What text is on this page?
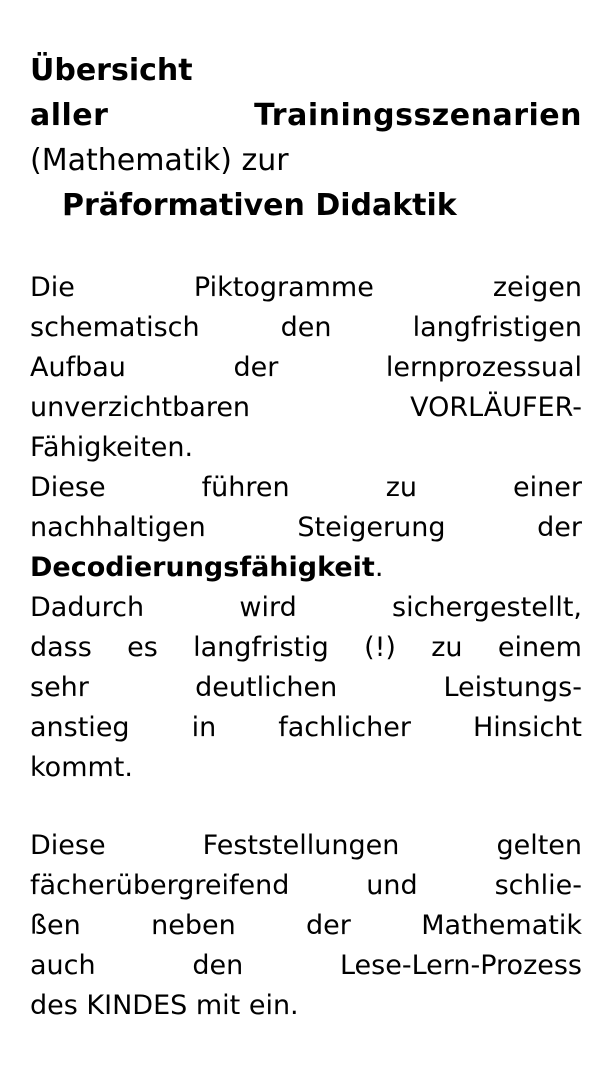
Übersicht
aller	Trainingsszenarien
(Mathematik) zur
Präformativen Didaktik
Die	Piktogramme	zeigen
schematisch	den	langfristigen
Aufbau	der	lernprozessual
unverzichtbaren	VORLÄUFER-
Fähigkeiten.
Diese	führen	zu	einer
nachhaltigen	Steigerung	der
Decodierungsfähigkeit.
Dadurch	wird	sichergestellt,
dass es langfristig (!) zu einem
sehr	deutlichen	Leistungs-
anstieg in fachlicher Hinsicht
kommt.
Diese	Feststellungen	gelten
fächerübergreifend	und	schlie-
ßen	neben	der	Mathematik
auch	den	Lese-Lern-Prozess
des KINDES mit ein.
